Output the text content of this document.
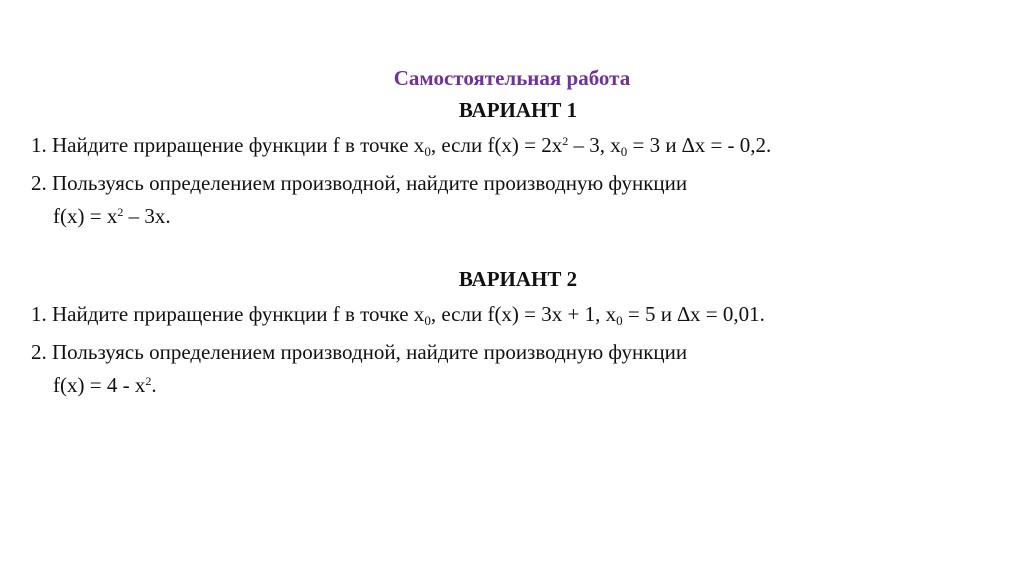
Самостоятельная работа
ВАРИАНТ 1
1. Найдите приращение функции f в точке $x_0$, если $f(x) = 2x^2 - 3$, $x_0 = 3$ и ∆x = - 0,2.
2. Пользуясь определением производной, найдите производную функции
$f(x) = x^2 - 3x$.
ВАРИАНТ 2
1. Найдите приращение функции f в точке $x_0$, если f(x) = 3x + 1, $x_0 = 5$ и ∆x = 0,01.
2. Пользуясь определением производной, найдите производную функции
$f(x) = 4 - x^2$.
